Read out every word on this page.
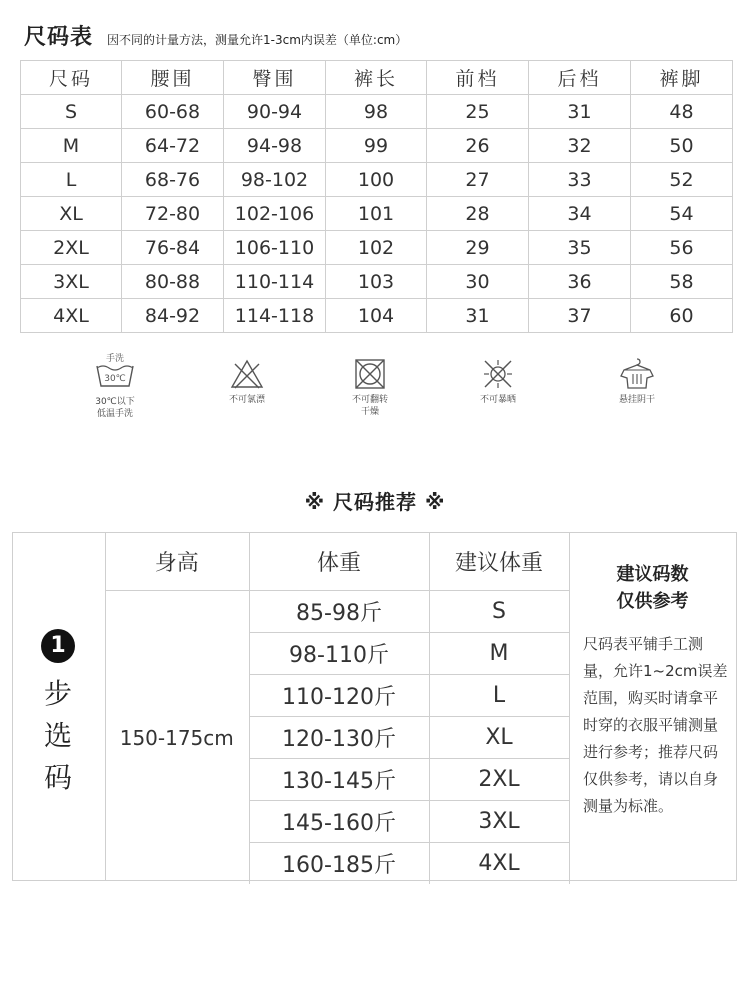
尺码表 因不同的计量方法，测量允许1-3cm内误差（单位:cm）
尺码	腰围	臀围	裤长	前档	后档	裤脚
S	60-68	90-94	98	25	31	48
M	64-72	94-98	99	26	32	50
L	68-76	98-102	100	27	33	52
XL	72-80	102-106	101	28	34	54
2XL	76-84	106-110	102	29	35	56
3XL	80-88	110-114	103	30	36	58
4XL	84-92	114-118	104	31	37	60
手洗
30℃
30℃以下
低温手洗
不可氯漂	不可翻转
干燥
不可暴晒	悬挂阴干
※ 尺码推荐 ※
1
步
选
码
身高	体重	建议体重
150-175cm	85-98斤	S
	98-110斤	M
	110-120斤	L
	120-130斤	XL
	130-145斤	2XL
	145-160斤	3XL
	160-185斤	4XL
建议码数
仅供参考
尺码表平铺手工测量，允许1~2cm误差范围，购买时请拿平时穿的衣服平铺测量进行参考；推荐尺码仅供参考，请以自身测量为标准。
